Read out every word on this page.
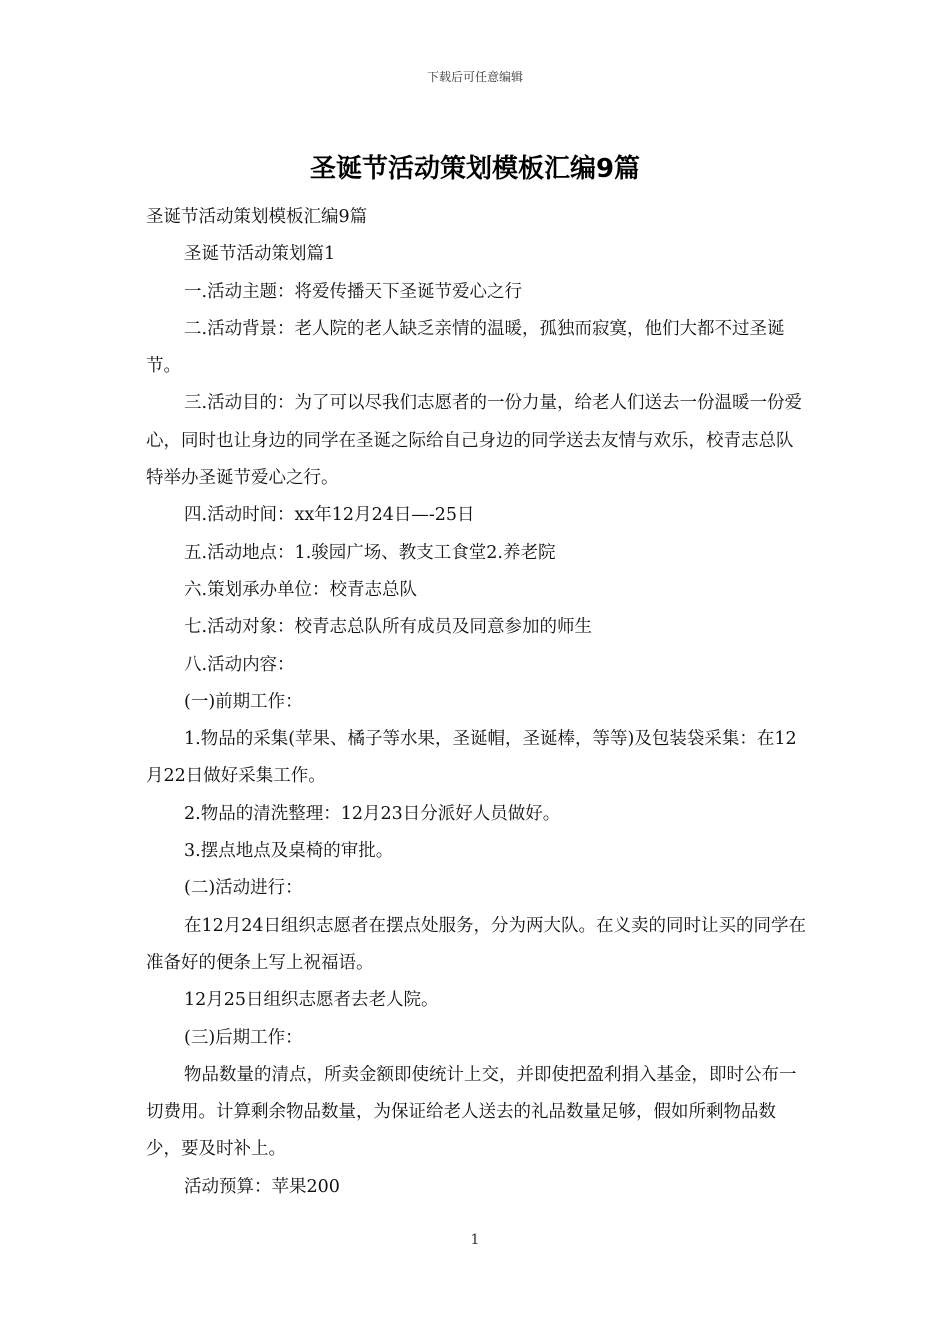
下载后可任意编辑
圣诞节活动策划模板汇编9篇

圣诞节活动策划模板汇编9篇

圣诞节活动策划篇1

一.活动主题：将爱传播天下圣诞节爱心之行

二.活动背景：老人院的老人缺乏亲情的温暖，孤独而寂寞，他们大都不过圣诞节。

三.活动目的：为了可以尽我们志愿者的一份力量，给老人们送去一份温暖一份爱心，同时也让身边的同学在圣诞之际给自己身边的同学送去友情与欢乐，校青志总队特举办圣诞节爱心之行。

四.活动时间：xx年12月24日—-25日

五.活动地点：1.骏园广场、教支工食堂2.养老院

六.策划承办单位：校青志总队

七.活动对象：校青志总队所有成员及同意参加的师生

八.活动内容：

(一)前期工作：

1.物品的采集(苹果、橘子等水果，圣诞帽，圣诞棒，等等)及包装袋采集：在12月22日做好采集工作。

2.物品的清洗整理：12月23日分派好人员做好。

3.摆点地点及桌椅的审批。

(二)活动进行：

在12月24日组织志愿者在摆点处服务，分为两大队。在义卖的同时让买的同学在准备好的便条上写上祝福语。

12月25日组织志愿者去老人院。

(三)后期工作：

物品数量的清点，所卖金额即使统计上交，并即使把盈利捐入基金，即时公布一切费用。计算剩余物品数量，为保证给老人送去的礼品数量足够，假如所剩物品数少，要及时补上。

活动预算：苹果200

1
